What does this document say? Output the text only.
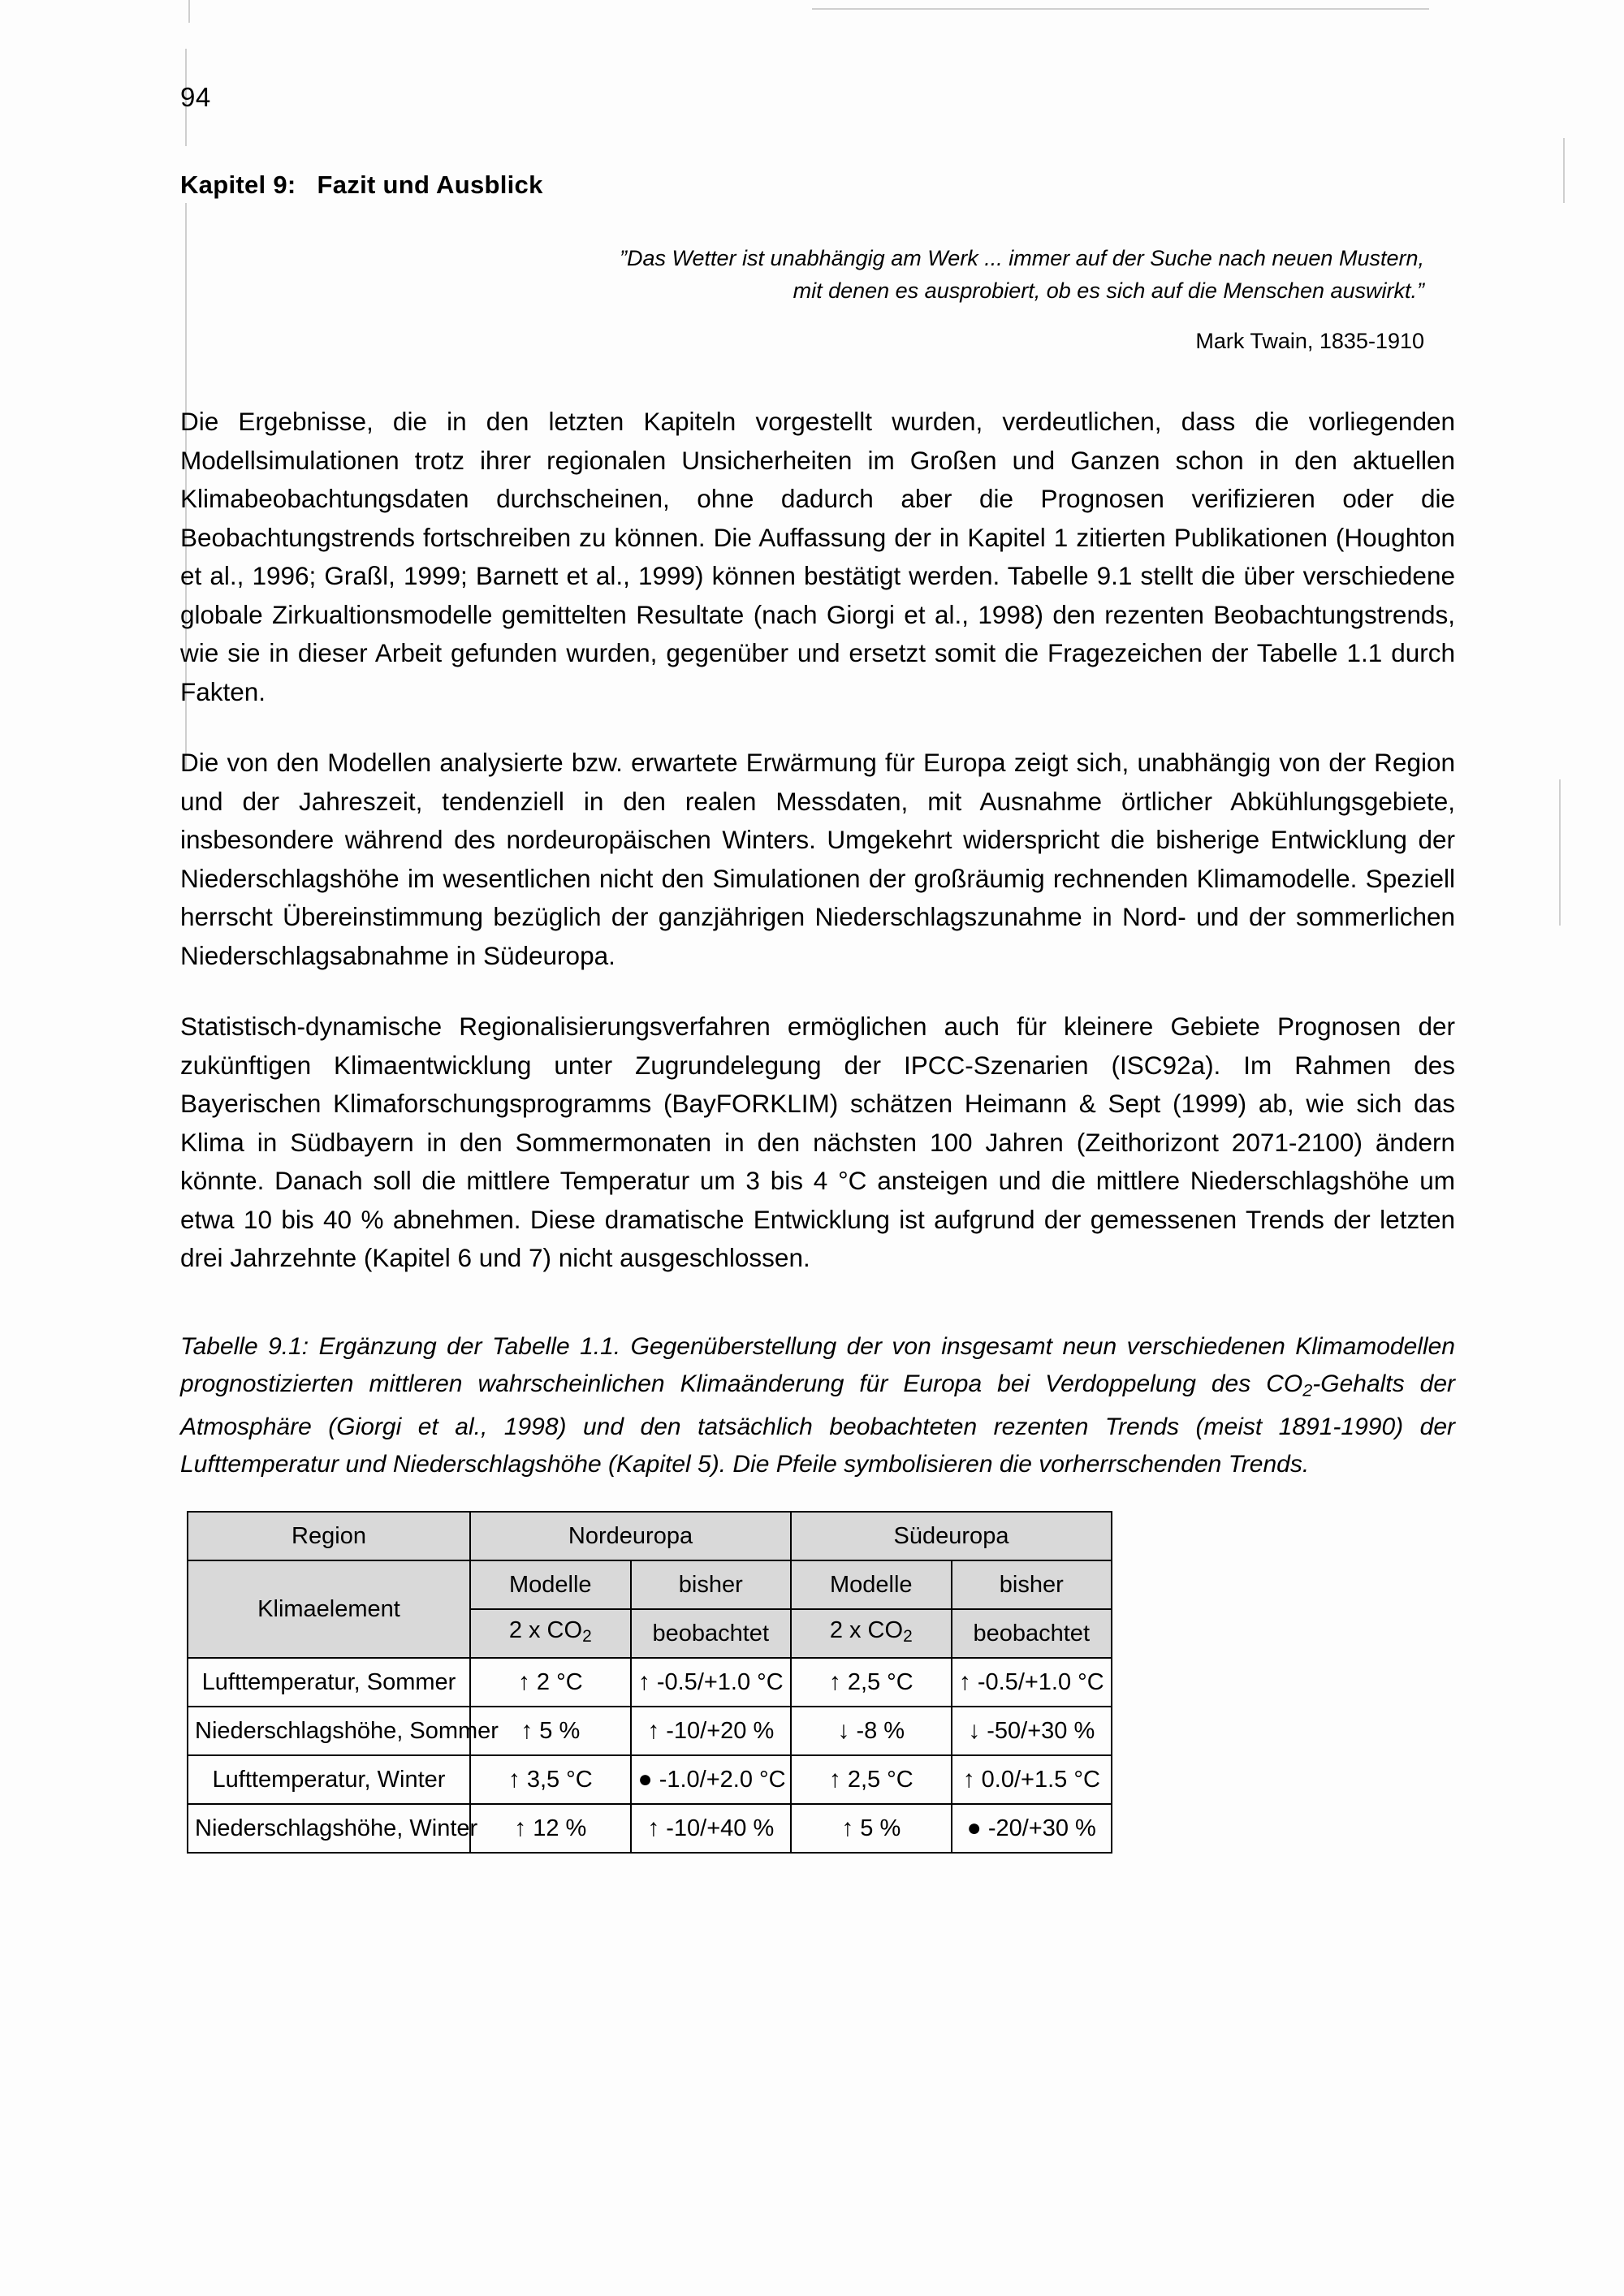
94
Kapitel 9: Fazit und Ausblick
”Das Wetter ist unabhängig am Werk ... immer auf der Suche nach neuen Mustern,
mit denen es ausprobiert, ob es sich auf die Menschen auswirkt.”
Mark Twain, 1835-1910

Die Ergebnisse, die in den letzten Kapiteln vorgestellt wurden, verdeutlichen, dass die vorliegenden Modellsimulationen trotz ihrer regionalen Unsicherheiten im Großen und Ganzen schon in den aktuellen Klimabeobachtungsdaten durchscheinen, ohne dadurch aber die Prognosen verifizieren oder die Beobachtungstrends fortschreiben zu können. Die Auffassung der in Kapitel 1 zitierten Publikationen (Houghton et al., 1996; Graßl, 1999; Barnett et al., 1999) können bestätigt werden. Tabelle 9.1 stellt die über verschiedene globale Zirkualtionsmodelle gemittelten Resultate (nach Giorgi et al., 1998) den rezenten Beobachtungstrends, wie sie in dieser Arbeit gefunden wurden, gegenüber und ersetzt somit die Fragezeichen der Tabelle 1.1 durch Fakten.

Die von den Modellen analysierte bzw. erwartete Erwärmung für Europa zeigt sich, unabhängig von der Region und der Jahreszeit, tendenziell in den realen Messdaten, mit Ausnahme örtlicher Abkühlungsgebiete, insbesondere während des nordeuropäischen Winters. Umgekehrt widerspricht die bisherige Entwicklung der Niederschlagshöhe im wesentlichen nicht den Simulationen der großräumig rechnenden Klimamodelle. Speziell herrscht Übereinstimmung bezüglich der ganzjährigen Niederschlagszunahme in Nord- und der sommerlichen Niederschlagsabnahme in Südeuropa.

Statistisch-dynamische Regionalisierungsverfahren ermöglichen auch für kleinere Gebiete Prognosen der zukünftigen Klimaentwicklung unter Zugrundelegung der IPCC-Szenarien (ISC92a). Im Rahmen des Bayerischen Klimaforschungsprogramms (BayFORKLIM) schätzen Heimann & Sept (1999) ab, wie sich das Klima in Südbayern in den Sommermonaten in den nächsten 100 Jahren (Zeithorizont 2071-2100) ändern könnte. Danach soll die mittlere Temperatur um 3 bis 4 °C ansteigen und die mittlere Niederschlagshöhe um etwa 10 bis 40 % abnehmen. Diese dramatische Entwicklung ist aufgrund der gemessenen Trends der letzten drei Jahrzehnte (Kapitel 6 und 7) nicht ausgeschlossen.

Tabelle 9.1: Ergänzung der Tabelle 1.1. Gegenüberstellung der von insgesamt neun verschiedenen Klimamodellen prognostizierten mittleren wahrscheinlichen Klimaänderung für Europa bei Verdoppelung des $CO_2$-Gehalts der Atmosphäre (Giorgi et al., 1998) und den tatsächlich beobachteten rezenten Trends (meist 1891-1990) der Lufttemperatur und Niederschlagshöhe (Kapitel 5). Die Pfeile symbolisieren die vorherrschenden Trends.
Region	Nordeuropa		Südeuropa	
Klimaelement	Modelle	bisher	Modelle	bisher
	2 x $CO_2$	beobachtet	2 x $CO_2$	beobachtet
Lufttemperatur, Sommer	↑ 2 °C	↑ -0.5/+1.0 °C	↑ 2,5 °C	↑ -0.5/+1.0 °C
Niederschlagshöhe, Sommer	↑ 5 %	↑ -10/+20 %	↓ -8 %	↓ -50/+30 %
Lufttemperatur, Winter	↑ 3,5 °C	● -1.0/+2.0 °C	↑ 2,5 °C	↑ 0.0/+1.5 °C
Niederschlagshöhe, Winter	↑ 12 %	↑ -10/+40 %	↑ 5 %	● -20/+30 %
